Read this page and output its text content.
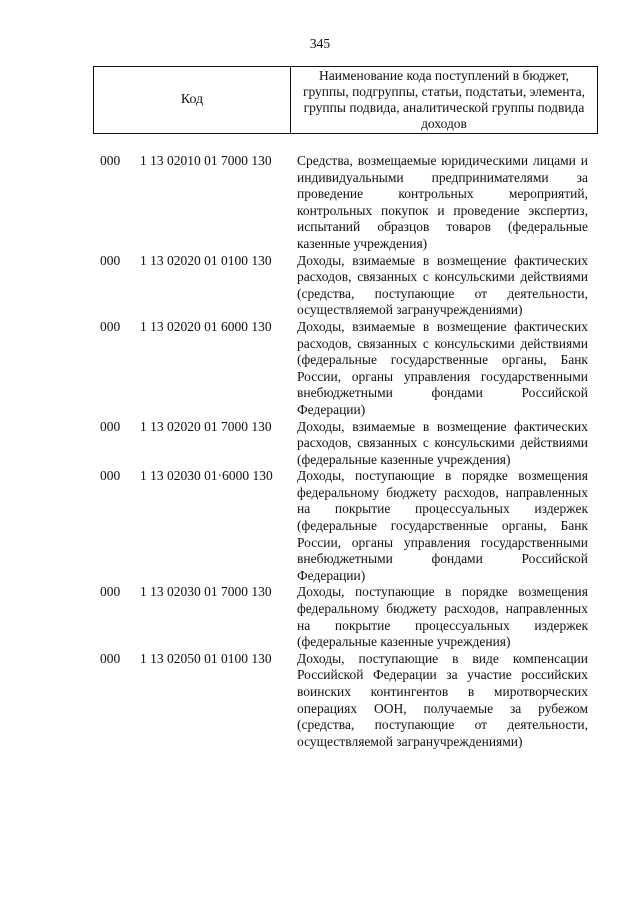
345
Код
Наименование кода поступлений в бюджет, группы, подгруппы, статьи, подстатьи, элемента, группы подвида, аналитической группы подвида доходов
000	1 13 02010 01 7000 130	Средства, возмещаемые юридическими лицами и индивидуальными предпринимателями за проведение контрольных мероприятий, контрольных покупок и проведение экспертиз, испытаний образцов товаров (федеральные казенные учреждения)
000	1 13 02020 01 0100 130	Доходы, взимаемые в возмещение фактических расходов, связанных с консульскими действиями (средства, поступающие от деятельности, осуществляемой загранучреждениями)
000	1 13 02020 01 6000 130	Доходы, взимаемые в возмещение фактических расходов, связанных с консульскими действиями (федеральные государственные органы, Банк России, органы управления государственными внебюджетными фондами Российской Федерации)
000	1 13 02020 01 7000 130	Доходы, взимаемые в возмещение фактических расходов, связанных с консульскими действиями (федеральные казенные учреждения)
000	1 13 02030 01·6000 130	Доходы, поступающие в порядке возмещения федеральному бюджету расходов, направленных на покрытие процессуальных издержек (федеральные государственные органы, Банк России, органы управления государственными внебюджетными фондами Российской Федерации)
000	1 13 02030 01 7000 130	Доходы, поступающие в порядке возмещения федеральному бюджету расходов, направленных на покрытие процессуальных издержек (федеральные казенные учреждения)
000	1 13 02050 01 0100 130	Доходы, поступающие в виде компенсации Российской Федерации за участие российских воинских контингентов в миротворческих операциях ООН, получаемые за рубежом (средства, поступающие от деятельности, осуществляемой загранучреждениями)
